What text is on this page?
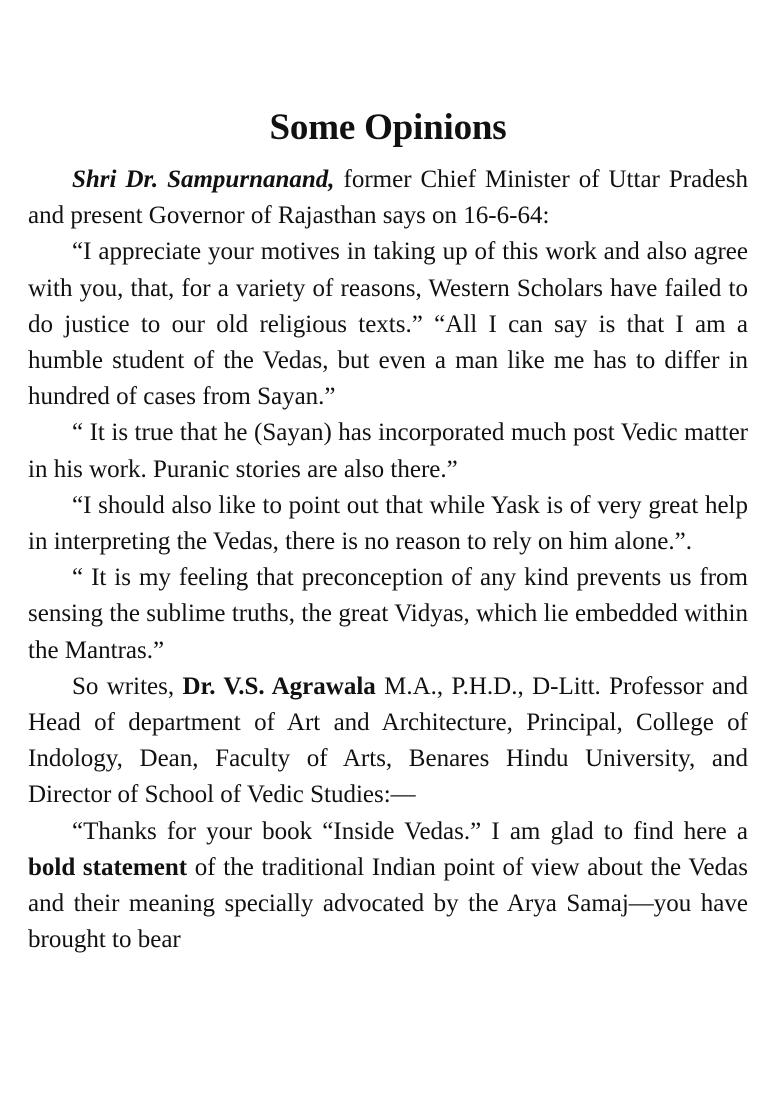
Some Opinions

Shri Dr. Sampurnanand, former Chief Minister of Uttar Pradesh and present Governor of Rajasthan says on 16-6-64:

“I appreciate your motives in taking up of this work and also agree with you, that, for a variety of reasons, Western Scholars have failed to do justice to our old religious texts.” “All I can say is that I am a humble student of the Vedas, but even a man like me has to differ in hundred of cases from Sayan.”

“ It is true that he (Sayan) has incorporated much post Vedic matter in his work. Puranic stories are also there.”

“I should also like to point out that while Yask is of very great help in interpreting the Vedas, there is no reason to rely on him alone.”.

“ It is my feeling that preconception of any kind prevents us from sensing the sublime truths, the great Vidyas, which lie embedded within the Mantras.”

So writes, Dr. V.S. Agrawala M.A., P.H.D., D-Litt. Professor and Head of department of Art and Architecture, Principal, College of Indology, Dean, Faculty of Arts, Benares Hindu University, and Director of School of Vedic Studies:—

“Thanks for your book “Inside Vedas.” I am glad to find here a bold statement of the traditional Indian point of view about the Vedas and their meaning specially advocated by the Arya Samaj—you have brought to bear
